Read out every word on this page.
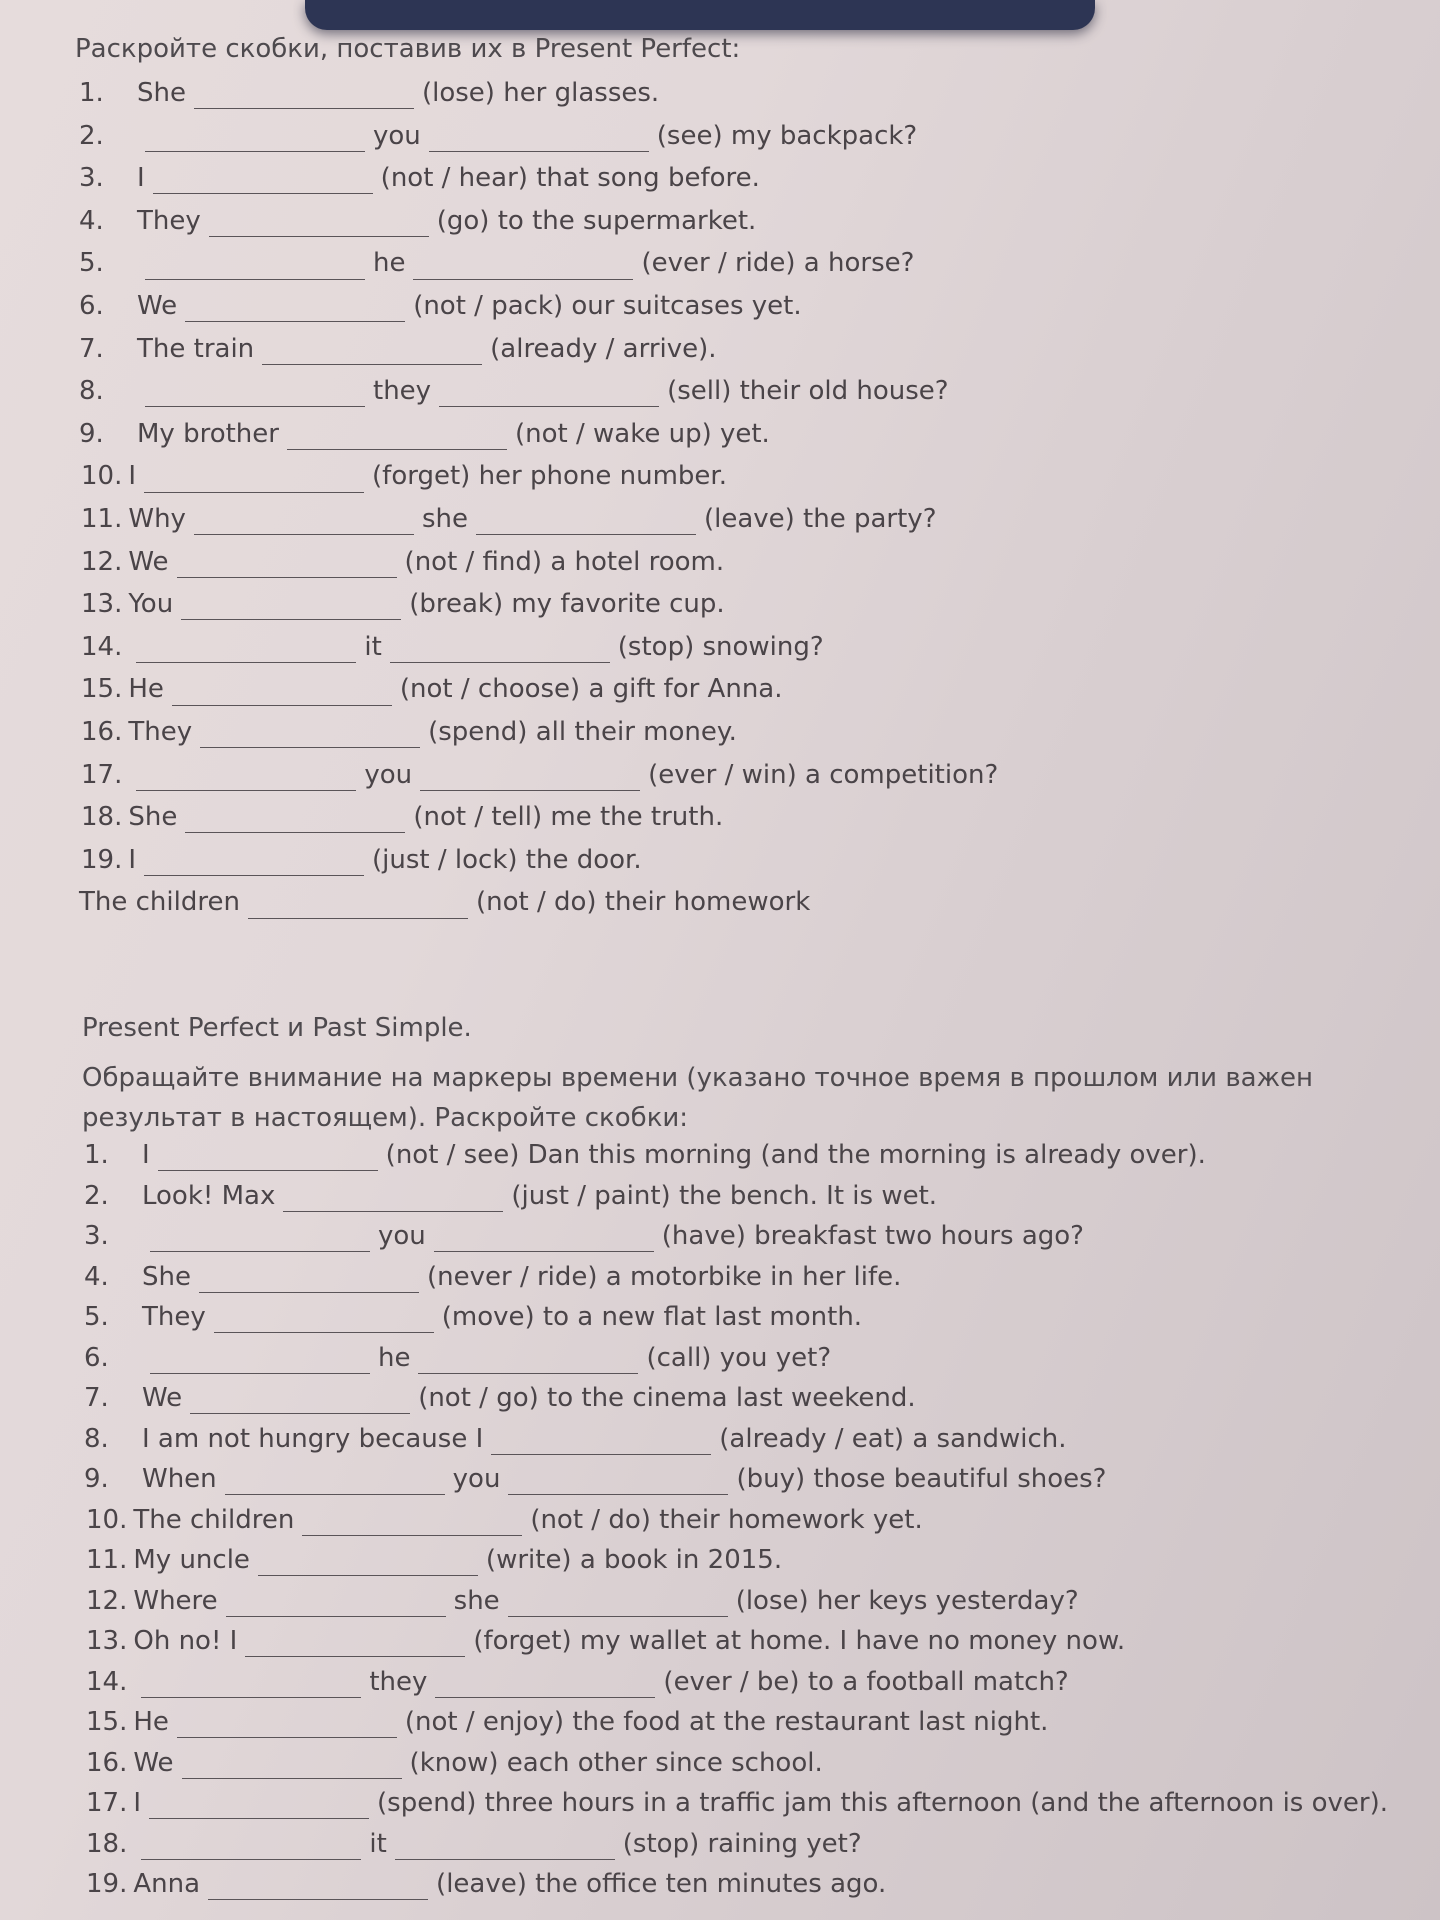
Раскройте скобки, поставив их в Present Perfect:
1.	She	(lose) her glasses.
2.	you	(see) my backpack?
3.	I	(not / hear) that song before.
4.	They	(go) to the supermarket.
5.	he	(ever / ride) a horse?
6.	We	(not / pack) our suitcases yet.
7.	The train	(already / arrive).
8.	they	(sell) their old house?
9.	My brother	(not / wake up) yet.
10. I	(forget) her phone number.
11. Why	she	(leave) the party?
12. We	(not / find) a hotel room.
13. You	(break) my favorite cup.
14.	it	(stop) snowing?
15. He	(not / choose) a gift for Anna.
16. They	(spend) all their money.
17.	you	(ever / win) a competition?
18. She	(not / tell) me the truth.
19. I	(just / lock) the door.
The children	(not / do) their homework
Present Perfect и Past Simple.

Обращайте внимание на маркеры времени (указано точное время в прошлом или важен результат в настоящем). Раскройте скобки:

1.	I	(not / see) Dan this morning (and the morning is already over).
2.	Look! Max	(just / paint) the bench. It is wet.
3.	you	(have) breakfast two hours ago?
4.	She	(never / ride) a motorbike in her life.
5.	They	(move) to a new flat last month.
6.	he	(call) you yet?
7.	We	(not / go) to the cinema last weekend.
8.	I am not hungry because I	(already / eat) a sandwich.
9.	When	you	(buy) those beautiful shoes?
10. The children	(not / do) their homework yet.
11. My uncle	(write) a book in 2015.
12. Where	she	(lose) her keys yesterday?
13. Oh no! I	(forget) my wallet at home. I have no money now.
14.	they	(ever / be) to a football match?
15. He	(not / enjoy) the food at the restaurant last night.
16. We	(know) each other since school.
17. I	(spend) three hours in a traffic jam this afternoon (and the afternoon is over).
18.	it	(stop) raining yet?
19. Anna	(leave) the office ten minutes ago.
